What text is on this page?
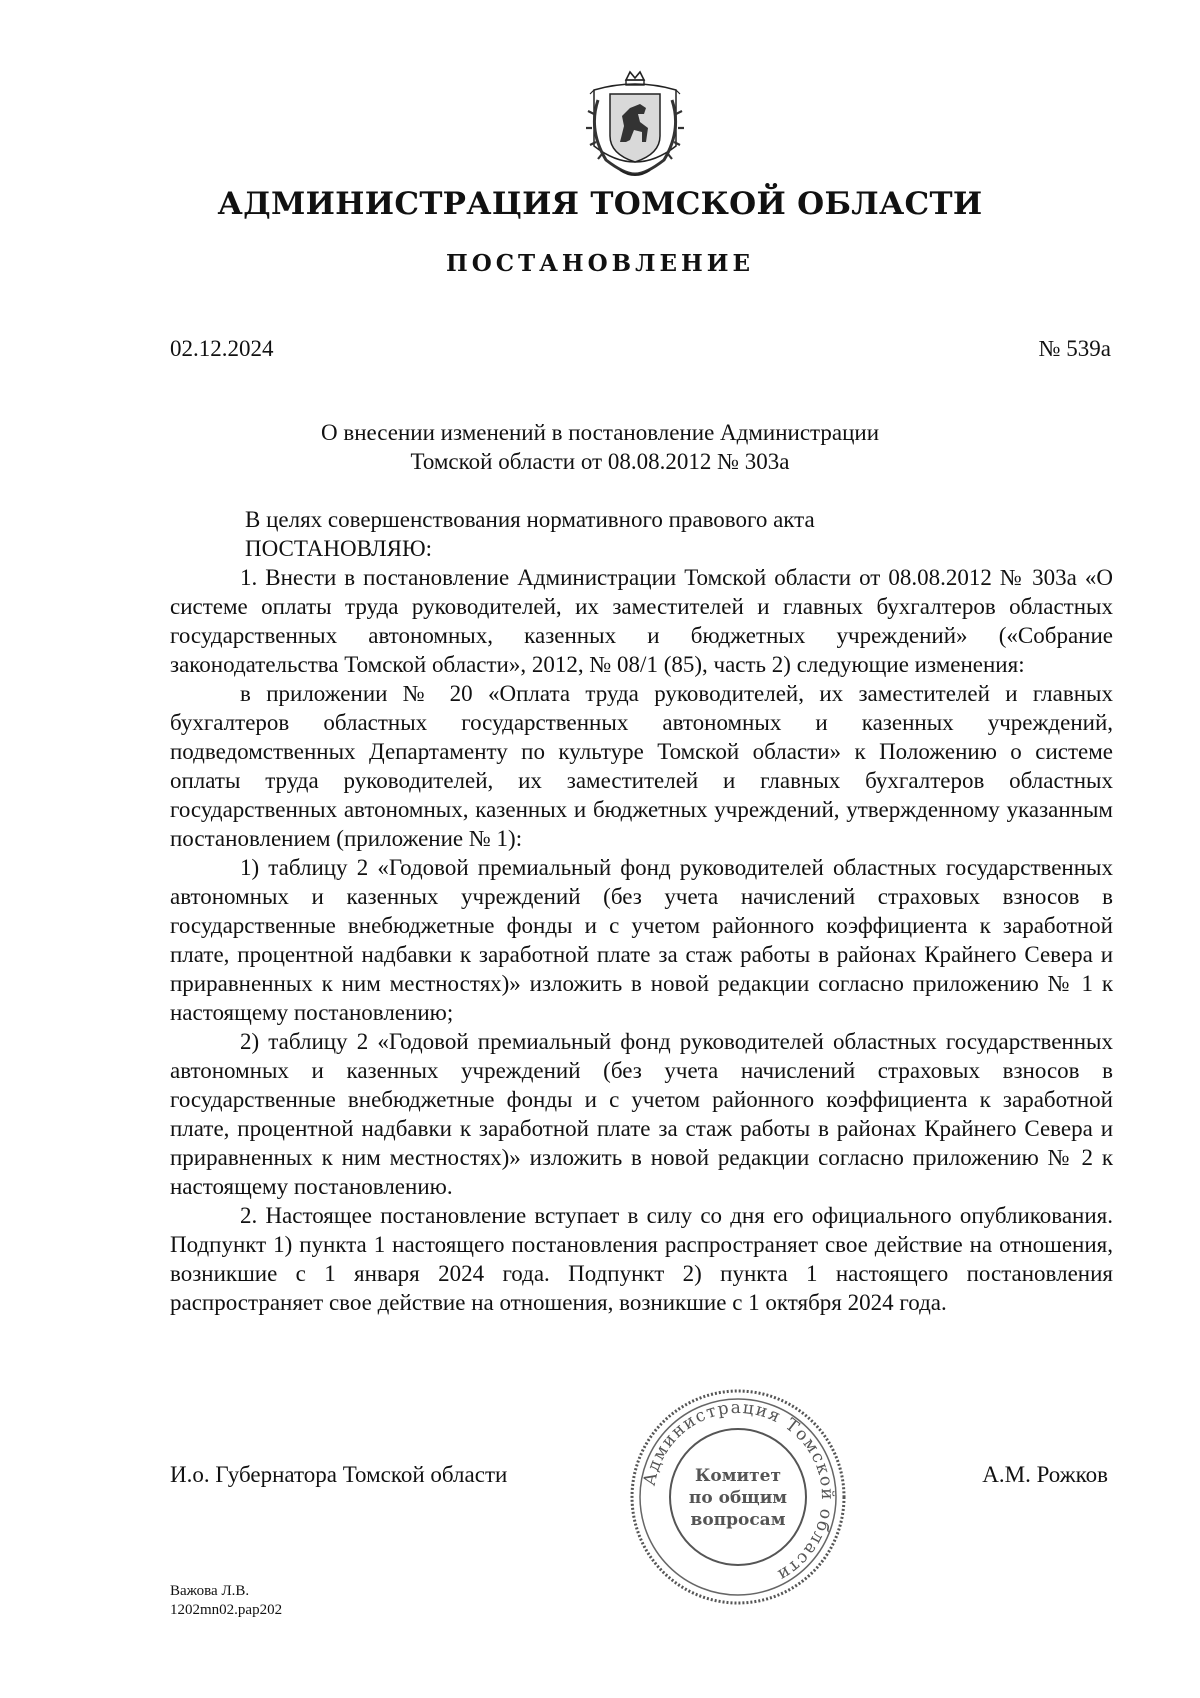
АДМИНИСТРАЦИЯ ТОМСКОЙ ОБЛАСТИ
ПОСТАНОВЛЕНИЕ
02.12.2024	№ 539а
О внесении изменений в постановление Администрации
Томской области от 08.08.2012 № 303а

В целях совершенствования нормативного правового акта

ПОСТАНОВЛЯЮ:

1. Внести в постановление Администрации Томской области от 08.08.2012 № 303а «О системе оплаты труда руководителей, их заместителей и главных бухгалтеров областных государственных автономных, казенных и бюджетных учреждений» («Собрание законодательства Томской области», 2012, № 08/1 (85), часть 2) следующие изменения:

в приложении № 20 «Оплата труда руководителей, их заместителей и главных бухгалтеров областных государственных автономных и казенных учреждений, подведомственных Департаменту по культуре Томской области» к Положению о системе оплаты труда руководителей, их заместителей и главных бухгалтеров областных государственных автономных, казенных и бюджетных учреждений, утвержденному указанным постановлением (приложение № 1):

1) таблицу 2 «Годовой премиальный фонд руководителей областных государственных автономных и казенных учреждений (без учета начислений страховых взносов в государственные внебюджетные фонды и с учетом районного коэффициента к заработной плате, процентной надбавки к заработной плате за стаж работы в районах Крайнего Севера и приравненных к ним местностях)» изложить в новой редакции согласно приложению № 1 к настоящему постановлению;

2) таблицу 2 «Годовой премиальный фонд руководителей областных государственных автономных и казенных учреждений (без учета начислений страховых взносов в государственные внебюджетные фонды и с учетом районного коэффициента к заработной плате, процентной надбавки к заработной плате за стаж работы в районах Крайнего Севера и приравненных к ним местностях)» изложить в новой редакции согласно приложению № 2 к настоящему постановлению.

2. Настоящее постановление вступает в силу со дня его официального опубликования. Подпункт 1) пункта 1 настоящего постановления распространяет свое действие на отношения, возникшие с 1 января 2024 года. Подпункт 2) пункта 1 настоящего постановления распространяет свое действие на отношения, возникшие с 1 октября 2024 года.

И.о. Губернатора Томской области	А.М. Рожков
Администрация Томской области
Комитет
по общим
вопросам
Важова Л.В.
1202mn02.pap202
